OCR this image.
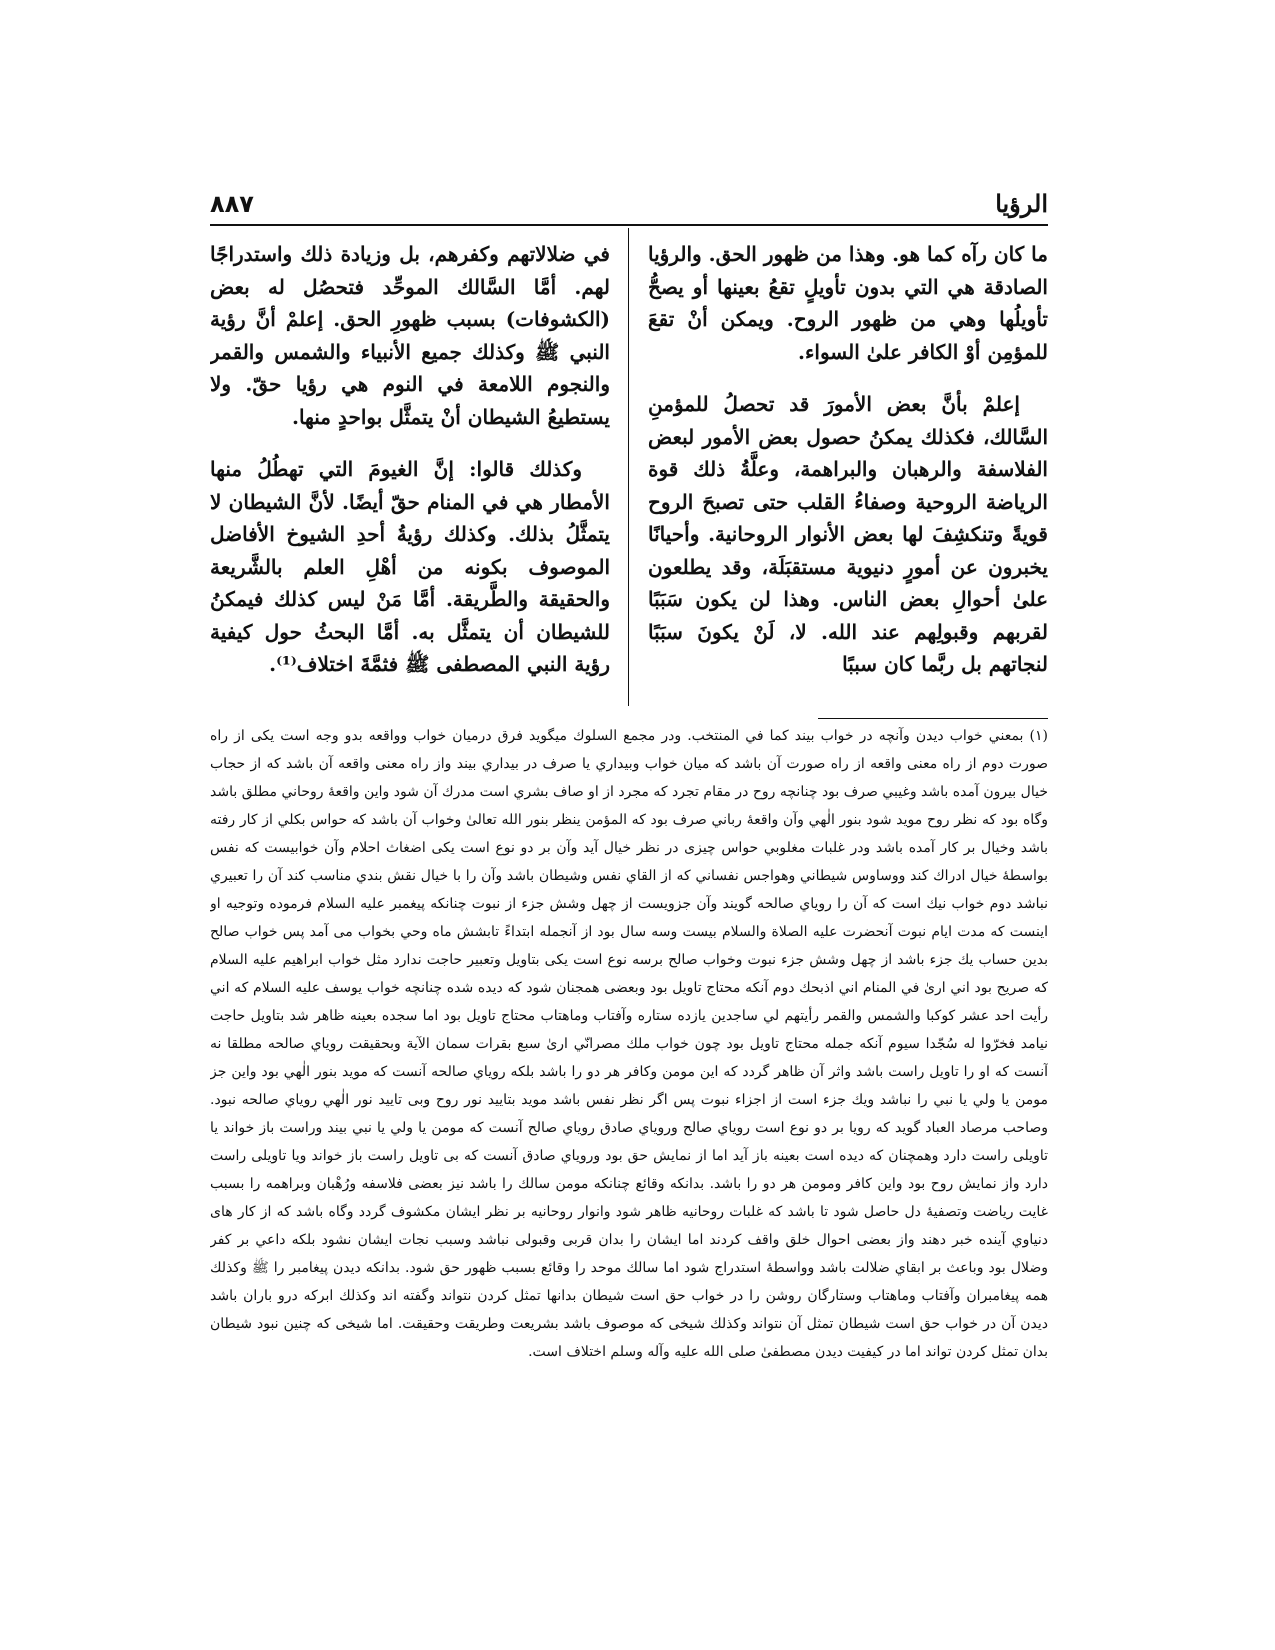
الرؤيا
٨٨٧

ما كان رآه كما هو. وهذا من ظهور الحق. والرؤيا الصادقة هي التي بدون تأويلٍ تقعُ بعينها أو يصحُّ تأويلُها وهي من ظهور الروح. ويمكن أنْ تقعَ للمؤمِن أوْ الكافر علىٰ السواء.

إعلمْ بأنَّ بعض الأمورَ قد تحصلُ للمؤمنِ السَّالك، فكذلك يمكنُ حصول بعض الأمور لبعض الفلاسفة والرهبان والبراهمة، وعلَّةُ ذلك قوة الرياضة الروحية وصفاءُ القلب حتى تصبحَ الروح قويةً وتنكشِفَ لها بعض الأنوار الروحانية. وأحيانًا يخبرون عن أمورٍ دنيوية مستقبَلَة، وقد يطلعون علىٰ أحوالِ بعض الناس. وهذا لن يكون سَبَبًا لقربهم وقبولِهم عند الله. لا، لَنْ يكونَ سبَبًا لنجاتهم بل ربَّما كان سببًا

في ضلالاتهم وكفرهم، بل وزيادة ذلك واستدراجًا لهم. أمَّا السَّالك الموحِّد فتحصُل له بعض (الكشوفات) بسبب ظهورِ الحق. إعلمْ أنَّ رؤية النبي ﷺ وكذلك جميع الأنبياء والشمس والقمر والنجوم اللامعة في النوم هي رؤيا حقّ. ولا يستطيعُ الشيطان أنْ يتمثَّل بواحدٍ منها.

وكذلك قالوا: إنَّ الغيومَ التي تهطُلُ منها الأمطار هي في المنام حقّ أيضًا. لأنَّ الشيطان لا يتمثَّلُ بذلك. وكذلك رؤيةُ أحدِ الشيوخ الأفاضل الموصوف بكونه من أهْلِ العلم بالشَّريعة والحقيقة والطَّريقة. أمَّا مَنْ ليس كذلك فيمكنُ للشيطان أن يتمثَّل به. أمَّا البحثُ حول كيفية رؤية النبي المصطفى ﷺ فثمَّةَ اختلاف⁽¹⁾.

(١) بمعني خواب ديدن وآنچه در خواب بيند كما في المنتخب. ودر مجمع السلوك ميگويد فرق درميان خواب وواقعه بدو وجه است يكى از راه صورت دوم از راه معنى واقعه از راه صورت آن باشد كه ميان خواب وبيداري يا صرف در بيداري بيند واز راه معنى واقعه آن باشد كه از حجاب خيال بيرون آمده باشد وغيبي صرف بود چنانچه روح در مقام تجرد كه مجرد از او صاف بشري است مدرك آن شود واين واقعهٔ روحاني مطلق باشد وگاه بود كه نظر روح مويد شود بنور الٰهي وآن واقعهٔ رباني صرف بود كه المؤمن ينظر بنور الله تعالىٰ وخواب آن باشد كه حواس بكلي از كار رفته باشد وخيال بر كار آمده باشد ودر غلبات مغلوبي حواس چيزى در نظر خيال آيد وآن بر دو نوع است يكى اضغاث احلام وآن خوابيست كه نفس بواسطهٔ خيال ادراك كند ووساوس شيطاني وهواجس نفساني كه از القاي نفس وشيطان باشد وآن را با خيال نقش بندي مناسب كند آن را تعبيري نباشد دوم خواب نيك است كه آن را روياي صالحه گويند وآن جزويست از چهل وشش جزء از نبوت چنانكه پيغمبر عليه السلام فرموده وتوجيه او اينست كه مدت ايام نبوت آنحضرت عليه الصلاة والسلام بيست وسه سال بود از آنجمله ابتداءً تابشش ماه وحي بخواب مى آمد پس خواب صالح بدين حساب يك جزء باشد از چهل وشش جزء نبوت وخواب صالح برسه نوع است يكى بتاويل وتعبير حاجت ندارد مثل خواب ابراهيم عليه السلام كه صريح بود اني ارىٰ في المنام اني اذبحك دوم آنكه محتاج تاويل بود وبعضى همجنان شود كه ديده شده چنانچه خواب يوسف عليه السلام كه اني رأيت احد عشر كوكبا والشمس والقمر رأيتهم لي ساجدين يازده ستاره وآفتاب وماهتاب محتاج تاويل بود اما سجده بعينه ظاهر شد بتاويل حاجت نيامد فخرّوا له سُجّدا سيوم آنكه جمله محتاج تاويل بود چون خواب ملك مصرانّي ارىٰ سبع بقرات سمان الآية وبحقيقت روياي صالحه مطلقا نه آنست كه او را تاويل راست باشد واثر آن ظاهر گردد كه اين مومن وكافر هر دو را باشد بلكه روياي صالحه آنست كه مويد بنور الٰهي بود واين جز مومن يا ولي يا نبي را نباشد ويك جزء است از اجزاء نبوت پس اگر نظر نفس باشد مويد بتاييد نور روح وبى تاييد نور الٰهي روياي صالحه نبود. وصاحب مرصاد العباد گويد كه رويا بر دو نوع است روياي صالح وروياي صادق روياي صالح آنست كه مومن يا ولي يا نبي بيند وراست باز خواند يا تاويلى راست دارد وهمچنان كه ديده است بعينه باز آيد اما از نمايش حق بود وروياي صادق آنست كه بى تاويل راست باز خواند ويا تاويلى راست دارد واز نمايش روح بود واين كافر ومومن هر دو را باشد. بدانكه وقائع چنانكه مومن سالك را باشد نيز بعضى فلاسفه ورُهْبان وبراهمه را بسبب غايت رياضت وتصفيهٔ دل حاصل شود تا باشد كه غلبات روحانيه ظاهر شود وانوار روحانيه بر نظر ايشان مكشوف گردد وگاه باشد كه از كار هاى دنياوي آينده خبر دهند واز بعضى احوال خلق واقف كردند اما ايشان را بدان قربى وقبولى نباشد وسبب نجات ايشان نشود بلكه داعي بر كفر وضلال بود وباعث بر ابقاي ضلالت باشد وواسطهٔ استدراج شود اما سالك موحد را وقائع بسبب ظهور حق شود. بدانكه ديدن پيغامبر را ﷺ وكذلك همه پيغامبران وآفتاب وماهتاب وستارگان روشن را در خواب حق است شيطان بدانها تمثل كردن نتواند وگفته اند وكذلك ابركه درو باران باشد ديدن آن در خواب حق است شيطان تمثل آن نتواند وكذلك شيخى كه موصوف باشد بشريعت وطريقت وحقيقت. اما شيخى كه چنين نبود شيطان بدان تمثل كردن تواند اما در كيفيت ديدن مصطفىٰ صلى الله عليه وآله وسلم اختلاف است.
